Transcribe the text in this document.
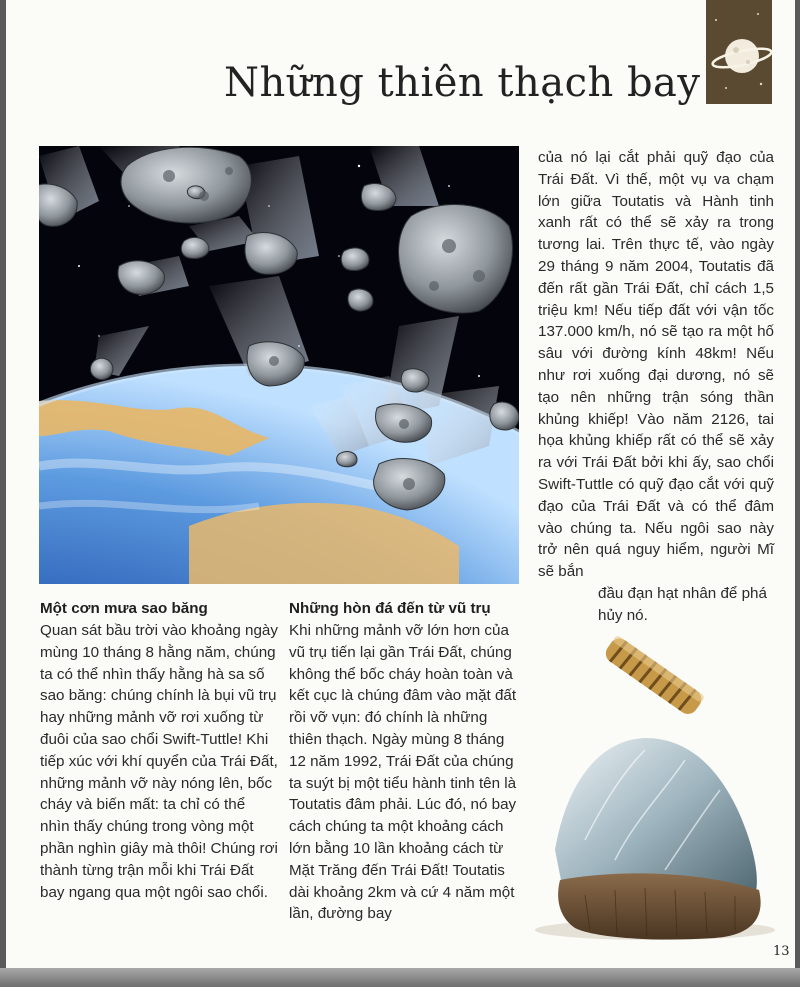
Những thiên thạch bay

Một cơn mưa sao băng

Quan sát bầu trời vào khoảng ngày mùng 10 tháng 8 hằng năm, chúng ta có thể nhìn thấy hằng hà sa số sao băng: chúng chính là bụi vũ trụ hay những mảnh vỡ rơi xuống từ đuôi của sao chổi Swift-Tuttle! Khi tiếp xúc với khí quyển của Trái Đất, những mảnh vỡ này nóng lên, bốc cháy và biến mất: ta chỉ có thể nhìn thấy chúng trong vòng một phần nghìn giây mà thôi! Chúng rơi thành từng trận mỗi khi Trái Đất bay ngang qua một ngôi sao chổi.

Những hòn đá đến từ vũ trụ

Khi những mảnh vỡ lớn hơn của vũ trụ tiến lại gần Trái Đất, chúng không thể bốc cháy hoàn toàn và kết cục là chúng đâm vào mặt đất rồi vỡ vụn: đó chính là những thiên thạch. Ngày mùng 8 tháng 12 năm 1992, Trái Đất của chúng ta suýt bị một tiểu hành tinh tên là Toutatis đâm phải. Lúc đó, nó bay cách chúng ta một khoảng cách lớn bằng 10 lần khoảng cách từ Mặt Trăng đến Trái Đất! Toutatis dài khoảng 2km và cứ 4 năm một lần, đường bay

của nó lại cắt phải quỹ đạo của Trái Đất. Vì thế, một vụ va chạm lớn giữa Toutatis và Hành tinh xanh rất có thể sẽ xảy ra trong tương lai. Trên thực tế, vào ngày 29 tháng 9 năm 2004, Toutatis đã đến rất gần Trái Đất, chỉ cách 1,5 triệu km! Nếu tiếp đất với vận tốc 137.000 km/h, nó sẽ tạo ra một hố sâu với đường kính 48km! Nếu như rơi xuống đại dương, nó sẽ tạo nên những trận sóng thần khủng khiếp! Vào năm 2126, tai họa khủng khiếp rất có thể sẽ xảy ra với Trái Đất bởi khi ấy, sao chổi Swift-Tuttle có quỹ đạo cắt với quỹ đạo của Trái Đất và có thể đâm vào chúng ta. Nếu ngôi sao này trở nên quá nguy hiểm, người Mĩ sẽ bắn

đầu đạn hạt nhân để phá hủy nó.
13
